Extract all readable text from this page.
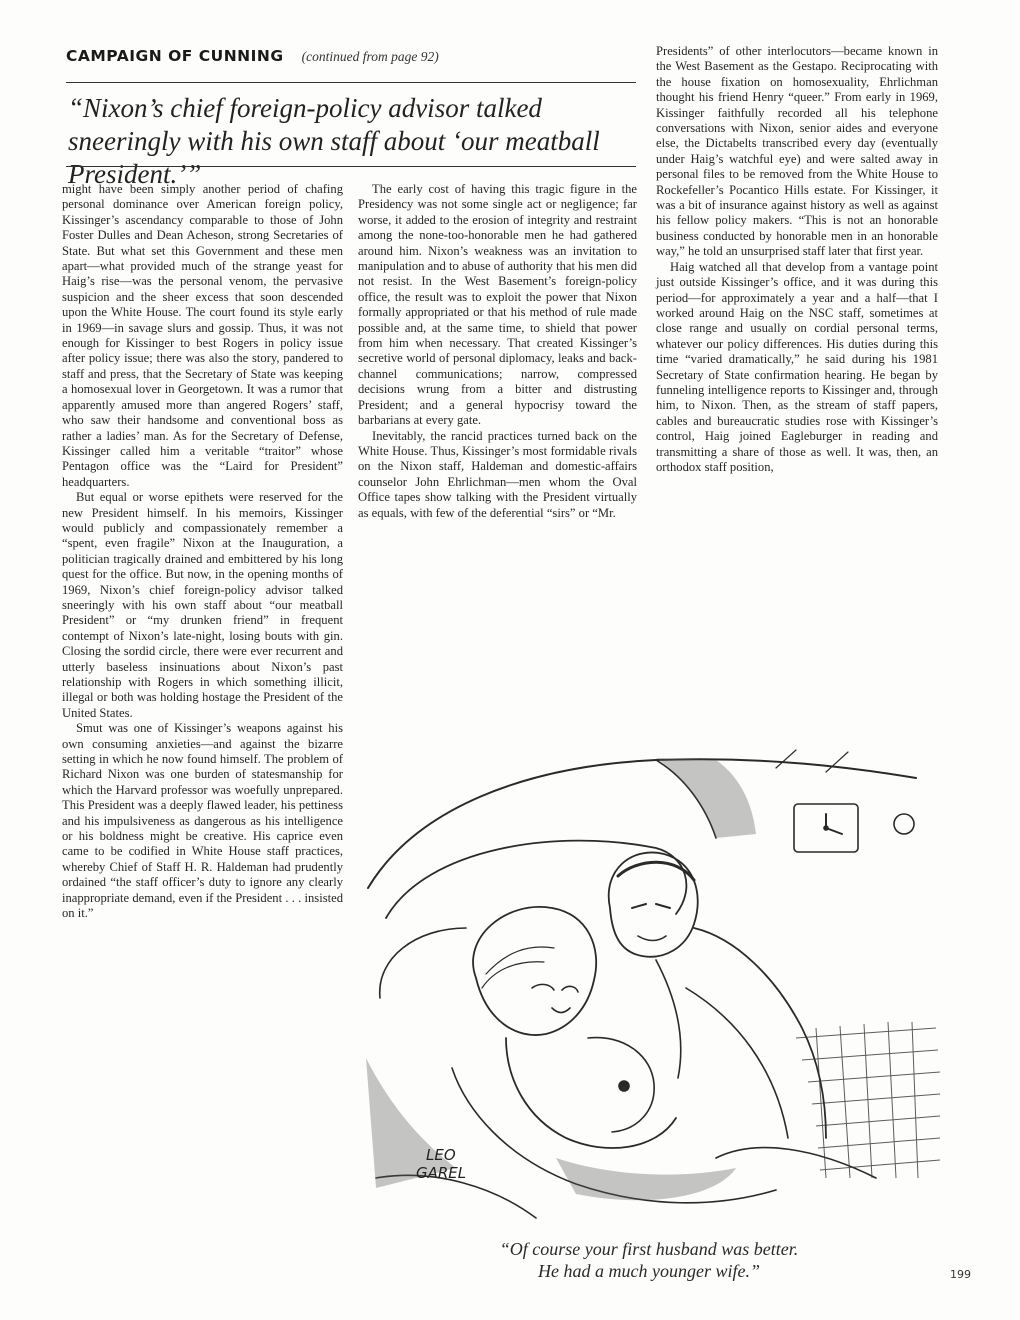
CAMPAIGN OF CUNNING (continued from page 92)
“Nixon’s chief foreign-policy advisor talked sneeringly with his own staff about ‘our meatball President.’”

might have been simply another period of chafing personal dominance over American foreign policy, Kissinger’s ascendancy comparable to those of John Foster Dulles and Dean Acheson, strong Secretaries of State. But what set this Government and these men apart—what provided much of the strange yeast for Haig’s rise—was the personal venom, the pervasive suspicion and the sheer excess that soon descended upon the White House. The court found its style early in 1969—in savage slurs and gossip. Thus, it was not enough for Kissinger to best Rogers in policy issue after policy issue; there was also the story, pandered to staff and press, that the Secretary of State was keeping a homosexual lover in Georgetown. It was a rumor that apparently amused more than angered Rogers’ staff, who saw their handsome and conventional boss as rather a ladies’ man. As for the Secretary of Defense, Kissinger called him a veritable “traitor” whose Pentagon office was the “Laird for President” headquarters.

But equal or worse epithets were reserved for the new President himself. In his memoirs, Kissinger would publicly and compassionately remember a “spent, even fragile” Nixon at the Inauguration, a politician tragically drained and embittered by his long quest for the office. But now, in the opening months of 1969, Nixon’s chief foreign-policy advisor talked sneeringly with his own staff about “our meatball President” or “my drunken friend” in frequent contempt of Nixon’s late-night, losing bouts with gin. Closing the sordid circle, there were ever recurrent and utterly baseless insinuations about Nixon’s past relationship with Rogers in which something illicit, illegal or both was holding hostage the President of the United States.

Smut was one of Kissinger’s weapons against his own consuming anxieties—and against the bizarre setting in which he now found himself. The problem of Richard Nixon was one burden of statesmanship for which the Harvard professor was woefully unprepared. This President was a deeply flawed leader, his pettiness and his impulsiveness as dangerous as his intelligence or his boldness might be creative. His caprice even came to be codified in White House staff practices, whereby Chief of Staff H. R. Haldeman had prudently ordained “the staff officer’s duty to ignore any clearly inappropriate demand, even if the President . . . insisted on it.”

The early cost of having this tragic figure in the Presidency was not some single act or negligence; far worse, it added to the erosion of integrity and restraint among the none-too-honorable men he had gathered around him. Nixon’s weakness was an invitation to manipulation and to abuse of authority that his men did not resist. In the West Basement’s foreign-policy office, the result was to exploit the power that Nixon formally appropriated or that his method of rule made possible and, at the same time, to shield that power from him when necessary. That created Kissinger’s secretive world of personal diplomacy, leaks and back-channel communications; narrow, compressed decisions wrung from a bitter and distrusting President; and a general hypocrisy toward the barbarians at every gate.

Inevitably, the rancid practices turned back on the White House. Thus, Kissinger’s most formidable rivals on the Nixon staff, Haldeman and domestic-affairs counselor John Ehrlichman—men whom the Oval Office tapes show talking with the President virtually as equals, with few of the deferential “sirs” or “Mr.

Presidents” of other interlocutors—became known in the West Basement as the Gestapo. Reciprocating with the house fixation on homosexuality, Ehrlichman thought his friend Henry “queer.” From early in 1969, Kissinger faithfully recorded all his telephone conversations with Nixon, senior aides and everyone else, the Dictabelts transcribed every day (eventually under Haig’s watchful eye) and were salted away in personal files to be removed from the White House to Rockefeller’s Pocantico Hills estate. For Kissinger, it was a bit of insurance against history as well as against his fellow policy makers. “This is not an honorable business conducted by honorable men in an honorable way,” he told an unsurprised staff later that first year.

Haig watched all that develop from a vantage point just outside Kissinger’s office, and it was during this period—for approximately a year and a half—that I worked around Haig on the NSC staff, sometimes at close range and usually on cordial personal terms, whatever our policy differences. His duties during this time “varied dramatically,” he said during his 1981 Secretary of State confirmation hearing. He began by funneling intelligence reports to Kissinger and, through him, to Nixon. Then, as the stream of staff papers, cables and bureaucratic studies rose with Kissinger’s control, Haig joined Eagleburger in reading and transmitting a share of those as well. It was, then, an orthodox staff position,

LEO
GAREL
“Of course your first husband was better.
He had a much younger wife.”	199
